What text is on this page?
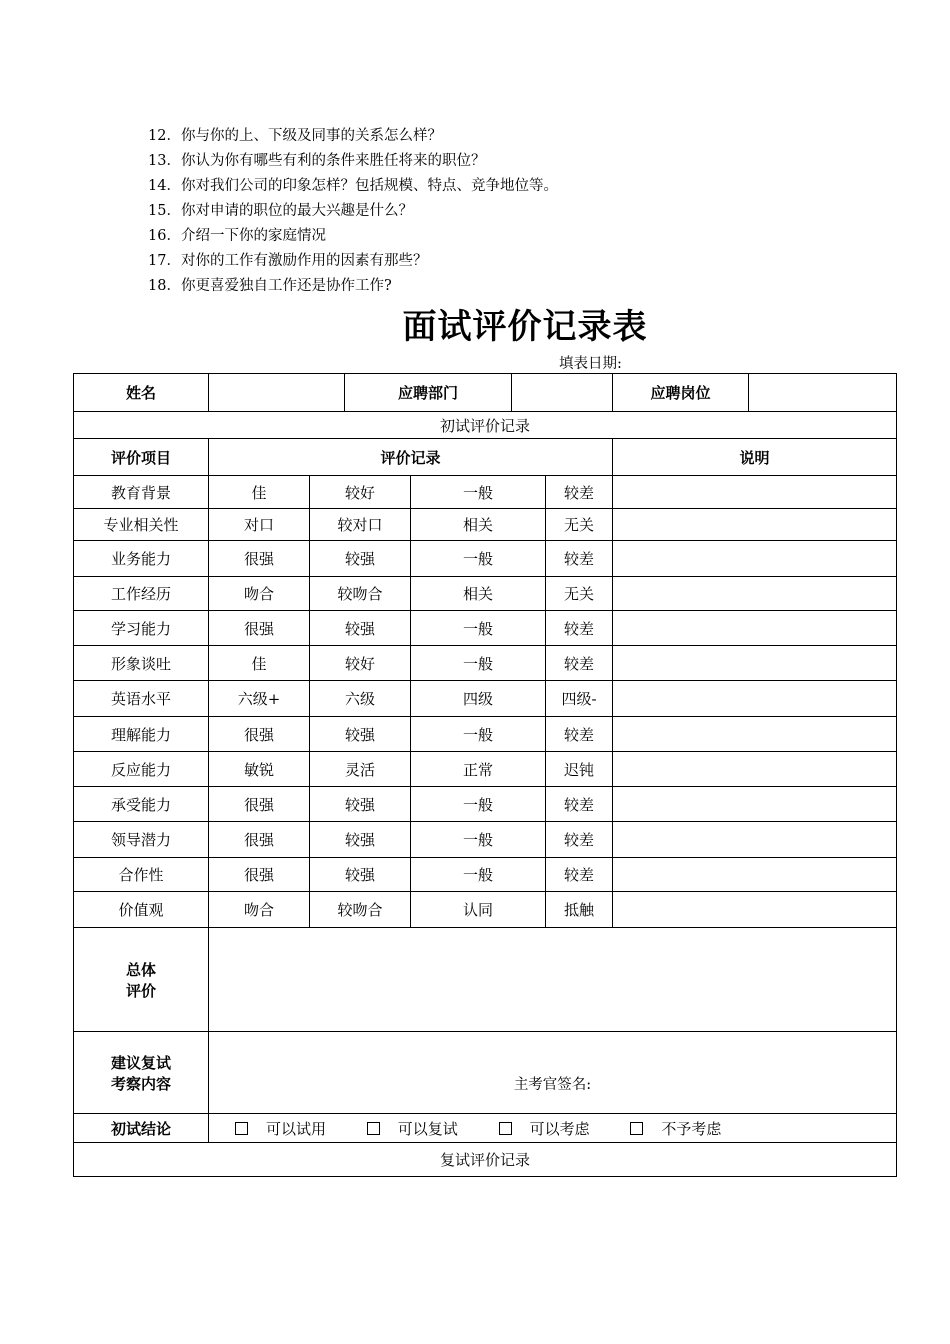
12．你与你的上、下级及同事的关系怎么样？
13．你认为你有哪些有利的条件来胜任将来的职位？
14．你对我们公司的印象怎样？包括规模、特点、竞争地位等。
15．你对申请的职位的最大兴趣是什么？
16．介绍一下你的家庭情况
17．对你的工作有激励作用的因素有那些？
18．你更喜爱独自工作还是协作工作?
面试评价记录表
填表日期:
姓名			应聘部门				应聘岗位	
初试评价记录								
评价项目	评价记录						说明	
教育背景	佳	较好		一般		较差		
专业相关性	对口	较对口		相关		无关		
业务能力	很强	较强		一般		较差		
工作经历	吻合	较吻合		相关		无关		
学习能力	很强	较强		一般		较差		
形象谈吐	佳	较好		一般		较差		
英语水平	六级+	六级		四级		四级-		
理解能力	很强	较强		一般		较差		
反应能力	敏锐	灵活		正常		迟钝		
承受能力	很强	较强		一般		较差		
领导潜力	很强	较强		一般		较差		
合作性	很强	较强		一般		较差		
价值观	吻合	较吻合		认同		抵触		
总体
评价								
建议复试
考察内容	主考官签名:							

初试结论	可以试用 可以复试 可以考虑 不予考虑							
复试评价记录								
